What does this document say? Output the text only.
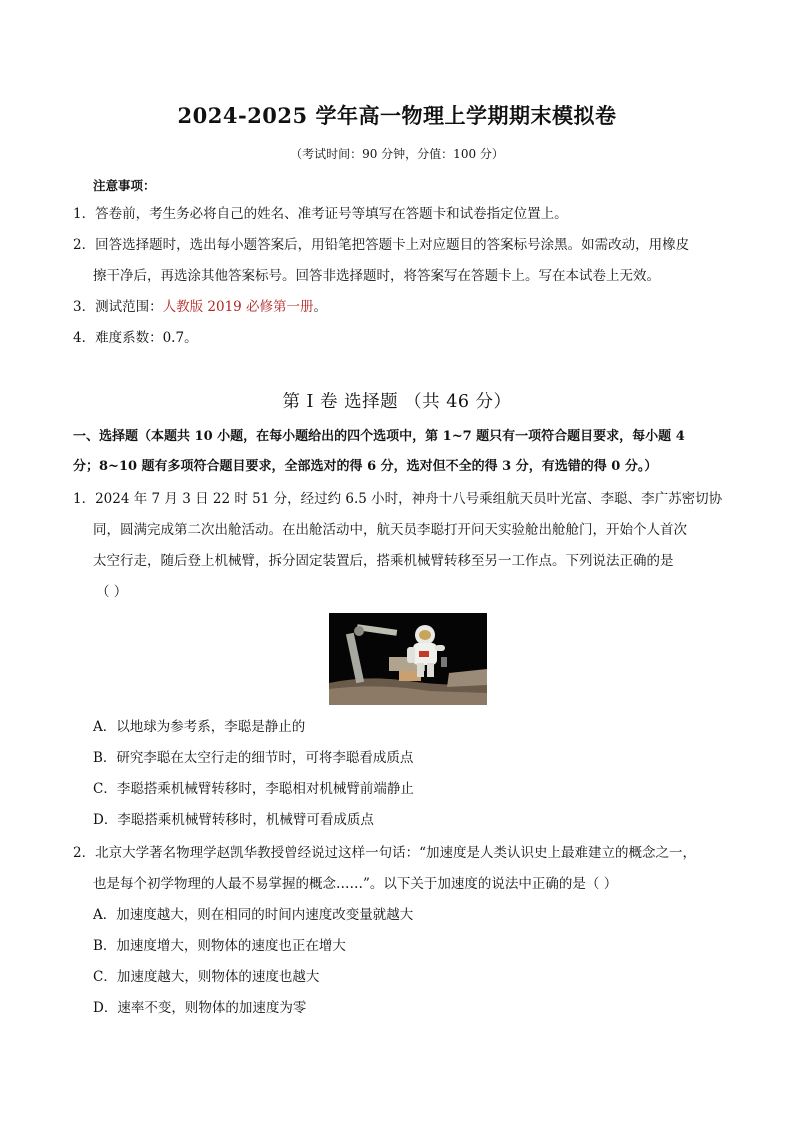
2024-2025 学年高一物理上学期期末模拟卷
（考试时间：90 分钟，分值：100 分）
注意事项：
1．答卷前，考生务必将自己的姓名、准考证号等填写在答题卡和试卷指定位置上。
2．回答选择题时，选出每小题答案后，用铅笔把答题卡上对应题目的答案标号涂黑。如需改动，用橡皮
擦干净后，再选涂其他答案标号。回答非选择题时，将答案写在答题卡上。写在本试卷上无效。
3．测试范围：人教版 2019 必修第一册。
4．难度系数：0.7。
第 I 卷 选择题 （共 46 分）
一、选择题（本题共 10 小题，在每小题给出的四个选项中，第 1~7 题只有一项符合题目要求，每小题 4
分；8~10 题有多项符合题目要求，全部选对的得 6 分，选对但不全的得 3 分，有选错的得 0 分。）
1．2024 年 7 月 3 日 22 时 51 分，经过约 6.5 小时，神舟十八号乘组航天员叶光富、李聪、李广苏密切协
同，圆满完成第二次出舱活动。在出舱活动中，航天员李聪打开问天实验舱出舱舱门，开始个人首次
太空行走，随后登上机械臂，拆分固定装置后，搭乘机械臂转移至另一工作点。下列说法正确的是
（ ）
A．以地球为参考系，李聪是静止的
B．研究李聪在太空行走的细节时，可将李聪看成质点
C．李聪搭乘机械臂转移时，李聪相对机械臂前端静止
D．李聪搭乘机械臂转移时，机械臂可看成质点
2．北京大学著名物理学赵凯华教授曾经说过这样一句话：“加速度是人类认识史上最难建立的概念之一，
也是每个初学物理的人最不易掌握的概念……”。以下关于加速度的说法中正确的是（ ）
A．加速度越大，则在相同的时间内速度改变量就越大
B．加速度增大，则物体的速度也正在增大
C．加速度越大，则物体的速度也越大
D．速率不变，则物体的加速度为零
